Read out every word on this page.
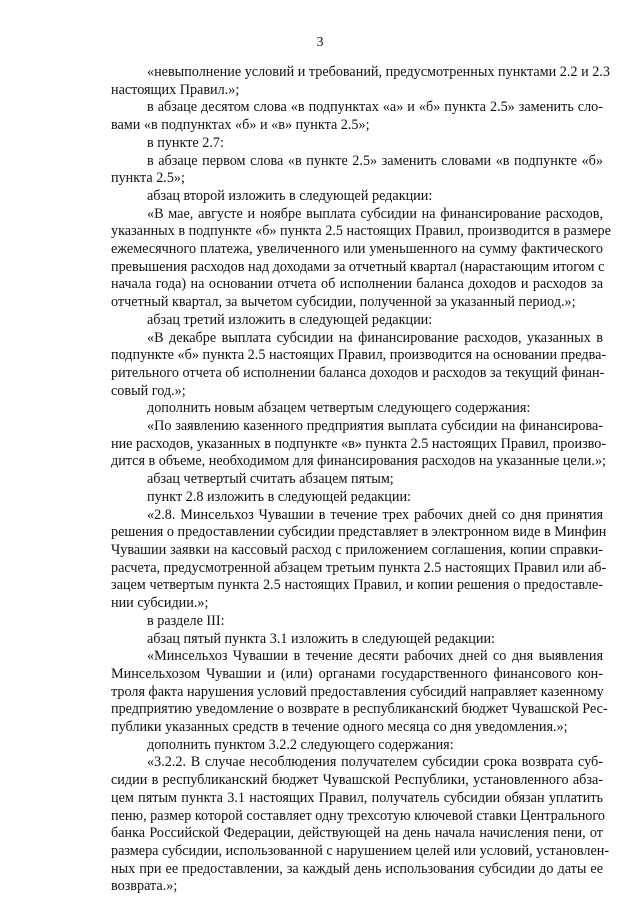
3
«невыполнение условий и требований, предусмотренных пунктами 2.2 и 2.3
настоящих Правил.»;
в абзаце десятом слова «в подпунктах «а» и «б» пункта 2.5» заменить сло-
вами «в подпунктах «б» и «в» пункта 2.5»;
в пункте 2.7:
в абзаце первом слова «в пункте 2.5» заменить словами «в подпункте «б»
пункта 2.5»;
абзац второй изложить в следующей редакции:
«В мае, августе и ноябре выплата субсидии на финансирование расходов,
указанных в подпункте «б» пункта 2.5 настоящих Правил, производится в размере
ежемесячного платежа, увеличенного или уменьшенного на сумму фактического
превышения расходов над доходами за отчетный квартал (нарастающим итогом с
начала года) на основании отчета об исполнении баланса доходов и расходов за
отчетный квартал, за вычетом субсидии, полученной за указанный период.»;
абзац третий изложить в следующей редакции:
«В декабре выплата субсидии на финансирование расходов, указанных в
подпункте «б» пункта 2.5 настоящих Правил, производится на основании предва-
рительного отчета об исполнении баланса доходов и расходов за текущий финан-
совый год.»;
дополнить новым абзацем четвертым следующего содержания:
«По заявлению казенного предприятия выплата субсидии на финансирова-
ние расходов, указанных в подпункте «в» пункта 2.5 настоящих Правил, произво-
дится в объеме, необходимом для финансирования расходов на указанные цели.»;
абзац четвертый считать абзацем пятым;
пункт 2.8 изложить в следующей редакции:
«2.8. Минсельхоз Чувашии в течение трех рабочих дней со дня принятия
решения о предоставлении субсидии представляет в электронном виде в Минфин
Чувашии заявки на кассовый расход с приложением соглашения, копии справки-
расчета, предусмотренной абзацем третьим пункта 2.5 настоящих Правил или аб-
зацем четвертым пункта 2.5 настоящих Правил, и копии решения о предоставле-
нии субсидии.»;
в разделе III:
абзац пятый пункта 3.1 изложить в следующей редакции:
«Минсельхоз Чувашии в течение десяти рабочих дней со дня выявления
Минсельхозом Чувашии и (или) органами государственного финансового кон-
троля факта нарушения условий предоставления субсидий направляет казенному
предприятию уведомление о возврате в республиканский бюджет Чувашской Рес-
публики указанных средств в течение одного месяца со дня уведомления.»;
дополнить пунктом 3.2.2 следующего содержания:
«3.2.2. В случае несоблюдения получателем субсидии срока возврата суб-
сидии в республиканский бюджет Чувашской Республики, установленного абза-
цем пятым пункта 3.1 настоящих Правил, получатель субсидии обязан уплатить
пеню, размер которой составляет одну трехсотую ключевой ставки Центрального
банка Российской Федерации, действующей на день начала начисления пени, от
размера субсидии, использованной с нарушением целей или условий, установлен-
ных при ее предоставлении, за каждый день использования субсидии до даты ее
возврата.»;
